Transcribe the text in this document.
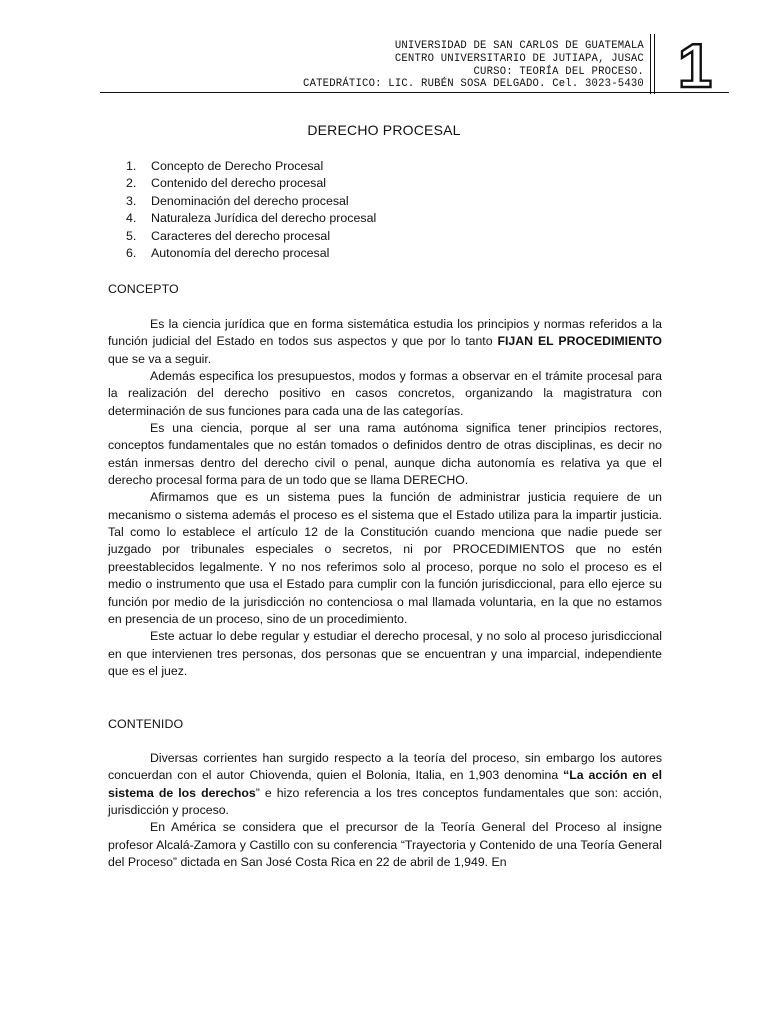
UNIVERSIDAD DE SAN CARLOS DE GUATEMALA
CENTRO UNIVERSITARIO DE JUTIAPA, JUSAC
CURSO: TEORÍA DEL PROCESO.
CATEDRÁTICO: LIC. RUBÉN SOSA DELGADO. Cel. 3023-5430 1
DERECHO PROCESAL
1.	Concepto de Derecho Procesal
2.	Contenido del derecho procesal
3.	Denominación del derecho procesal
4.	Naturaleza Jurídica del derecho procesal
5.	Caracteres del derecho procesal
6.	Autonomía del derecho procesal
CONCEPTO

Es la ciencia jurídica que en forma sistemática estudia los principios y normas referidos a la función judicial del Estado en todos sus aspectos y que por lo tanto FIJAN EL PROCEDIMIENTO que se va a seguir.

Además especifica los presupuestos, modos y formas a observar en el trámite procesal para la realización del derecho positivo en casos concretos, organizando la magistratura con determinación de sus funciones para cada una de las categorías.

Es una ciencia, porque al ser una rama autónoma significa tener principios rectores, conceptos fundamentales que no están tomados o definidos dentro de otras disciplinas, es decir no están inmersas dentro del derecho civil o penal, aunque dicha autonomía es relativa ya que el derecho procesal forma para de un todo que se llama DERECHO.

Afirmamos que es un sistema pues la función de administrar justicia requiere de un mecanismo o sistema además el proceso es el sistema que el Estado utiliza para la impartir justicia. Tal como lo establece el artículo 12 de la Constitución cuando menciona que nadie puede ser juzgado por tribunales especiales o secretos, ni por PROCEDIMIENTOS que no estén preestablecidos legalmente. Y no nos referimos solo al proceso, porque no solo el proceso es el medio o instrumento que usa el Estado para cumplir con la función jurisdiccional, para ello ejerce su función por medio de la jurisdicción no contenciosa o mal llamada voluntaria, en la que no estamos en presencia de un proceso, sino de un procedimiento.

Este actuar lo debe regular y estudiar el derecho procesal, y no solo al proceso jurisdiccional en que intervienen tres personas, dos personas que se encuentran y una imparcial, independiente que es el juez.

CONTENIDO

Diversas corrientes han surgido respecto a la teoría del proceso, sin embargo los autores concuerdan con el autor Chiovenda, quien el Bolonia, Italia, en 1,903 denomina “La acción en el sistema de los derechos” e hizo referencia a los tres conceptos fundamentales que son: acción, jurisdicción y proceso.

En América se considera que el precursor de la Teoría General del Proceso al insigne profesor Alcalá-Zamora y Castillo con su conferencia “Trayectoria y Contenido de una Teoría General del Proceso” dictada en San José Costa Rica en 22 de abril de 1,949. En
